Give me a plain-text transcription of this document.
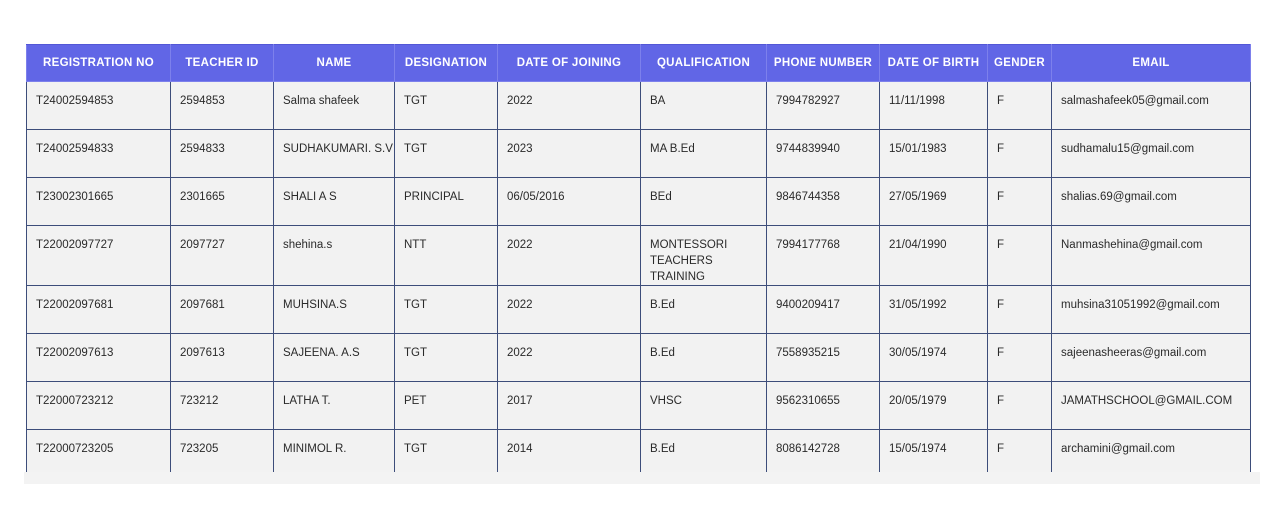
REGISTRATION NO	TEACHER ID	NAME	DESIGNATION	DATE OF JOINING	QUALIFICATION	PHONE NUMBER	DATE OF BIRTH	GENDER	EMAIL
T24002594853	2594853	Salma shafeek	TGT	2022	BA	7994782927	11/11/1998	F	salmashafeek05@gmail.com
T24002594833	2594833	SUDHAKUMARI. S.V	TGT	2023	MA B.Ed	9744839940	15/01/1983	F	sudhamalu15@gmail.com
T23002301665	2301665	SHALI A S	PRINCIPAL	06/05/2016	BEd	9846744358	27/05/1969	F	shalias.69@gmail.com
T22002097727	2097727	shehina.s	NTT	2022	MONTESSORI TEACHERS TRAINING	7994177768	21/04/1990	F	Nanmashehina@gmail.com
T22002097681	2097681	MUHSINA.S	TGT	2022	B.Ed	9400209417	31/05/1992	F	muhsina31051992@gmail.com
T22002097613	2097613	SAJEENA. A.S	TGT	2022	B.Ed	7558935215	30/05/1974	F	sajeenasheeras@gmail.com
T22000723212	723212	LATHA T.	PET	2017	VHSC	9562310655	20/05/1979	F	JAMATHSCHOOL@GMAIL.COM
T22000723205	723205	MINIMOL R.	TGT	2014	B.Ed	8086142728	15/05/1974	F	archamini@gmail.com
